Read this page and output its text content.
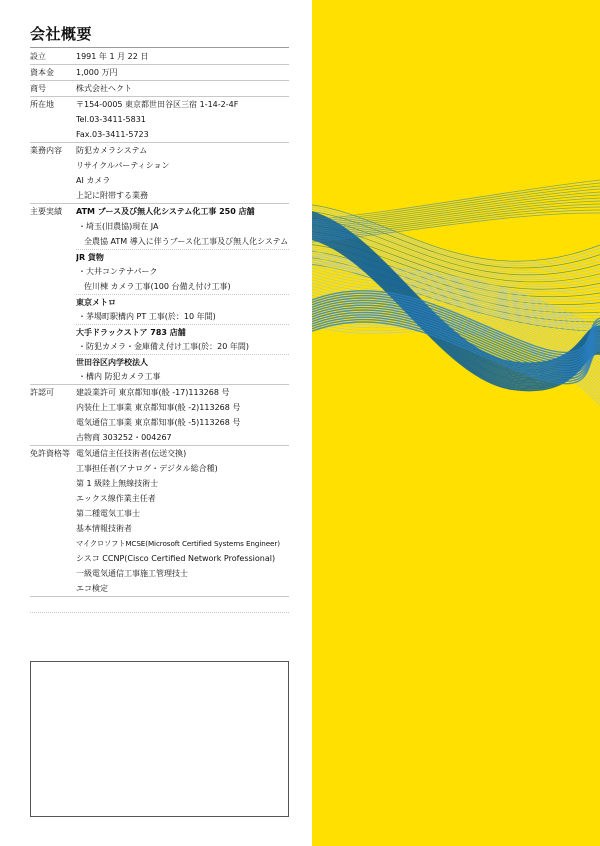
会社概要
設立	1991 年 1 月 22 日
資本金	1,000 万円
商号	株式会社ヘクト
所在地	〒154-0005 東京都世田谷区三宿 1-14-2-4F
Tel.03-3411-5831
Fax.03-3411-5723
業務内容	防犯カメラシステム
リサイクルパーティション
AI カメラ
上記に附帯する業務
主要実績	ATM ブース及び無人化システム化工事 250 店舗
・埼玉(旧農協)現在 JA
全農協 ATM 導入に伴うブース化工事及び無人化システム
JR 貨物
・大井コンテナパーク
佐川棟 カメラ工事(100 台備え付け工事)
東京メトロ
・茅場町駅構内 PT 工事(於：10 年間)
大手ドラックストア 783 店舗
・防犯カメラ・金庫備え付け工事(於：20 年間)
世田谷区内学校法人
・構内 防犯カメラ工事
許認可	建設業許可 東京都知事(般 -17)113268 号
内装仕上工事業 東京都知事(般 -2)113268 号
電気通信工事業 東京都知事(般 -5)113268 号
古物商 303252・004267
免許資格等 電気通信主任技術者(伝送交換)
工事担任者(アナログ・デジタル総合種)
第 1 級陸上無線技術士
エックス線作業主任者
第二種電気工事士
基本情報技術者
マイクロソフトMCSE(Microsoft Certified Systems Engineer)
シスコ CCNP(Cisco Certified Network Professional)
一級電気通信工事施工管理技士
エコ検定
